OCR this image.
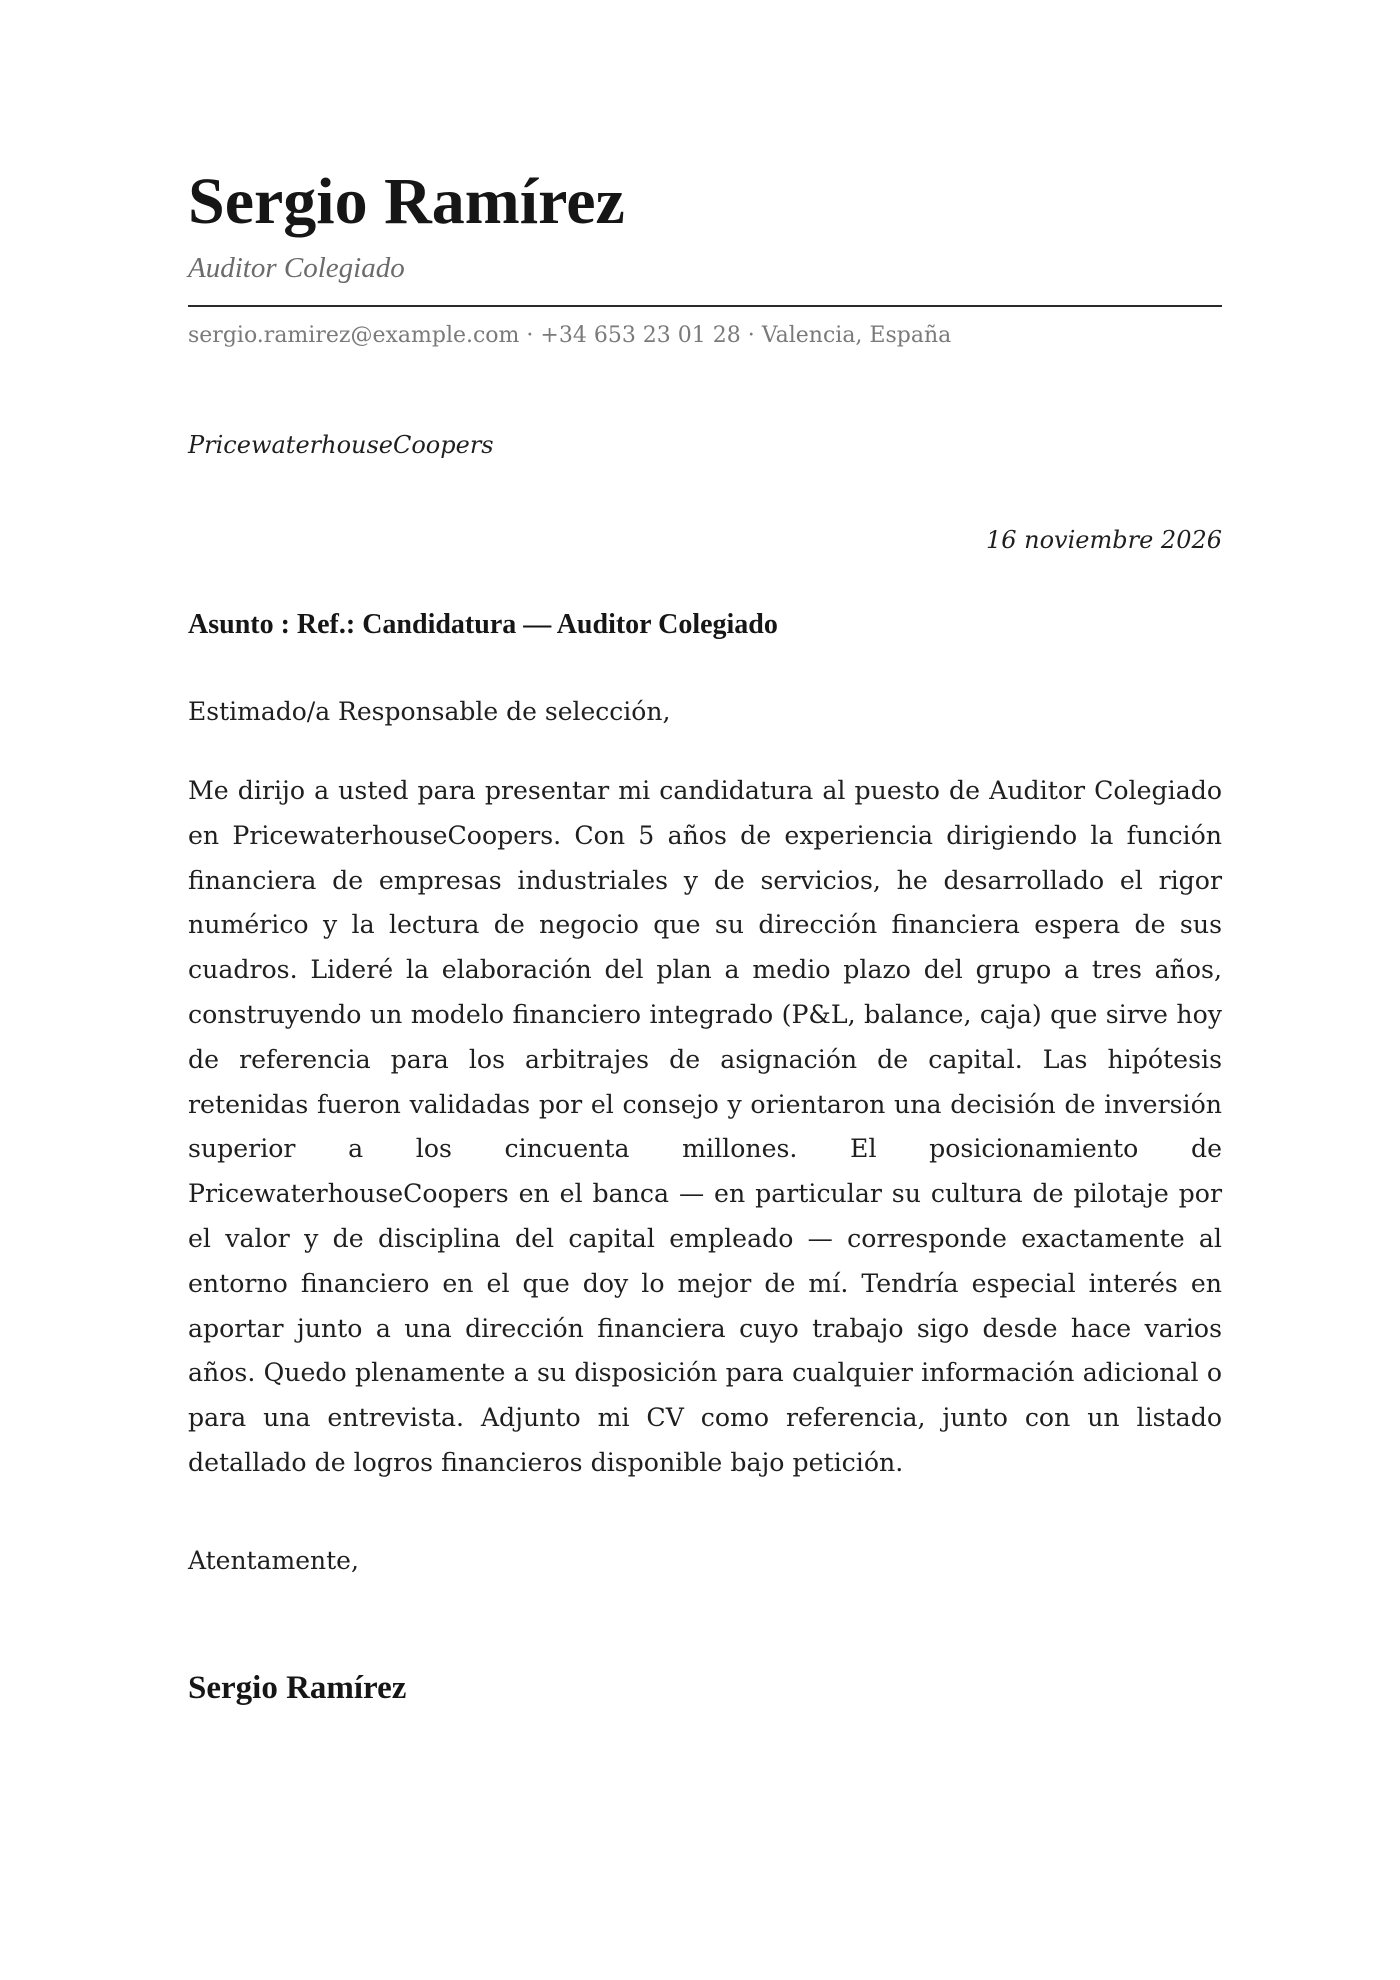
Sergio Ramírez
Auditor Colegiado
sergio.ramirez@example.com · +34 653 23 01 28 · Valencia, España
PricewaterhouseCoopers
16 noviembre 2026
Asunto : Ref.: Candidatura — Auditor Colegiado
Estimado/a Responsable de selección,

Me dirijo a usted para presentar mi candidatura al puesto de Auditor Colegiado en PricewaterhouseCoopers. Con 5 años de experiencia dirigiendo la función financiera de empresas industriales y de servicios, he desarrollado el rigor numérico y la lectura de negocio que su dirección financiera espera de sus cuadros. Lideré la elaboración del plan a medio plazo del grupo a tres años, construyendo un modelo financiero integrado (P&L, balance, caja) que sirve hoy de referencia para los arbitrajes de asignación de capital. Las hipótesis retenidas fueron validadas por el consejo y orientaron una decisión de inversión superior a los cincuenta millones. El posicionamiento de PricewaterhouseCoopers en el banca — en particular su cultura de pilotaje por el valor y de disciplina del capital empleado — corresponde exactamente al entorno financiero en el que doy lo mejor de mí. Tendría especial interés en aportar junto a una dirección financiera cuyo trabajo sigo desde hace varios años. Quedo plenamente a su disposición para cualquier información adicional o para una entrevista. Adjunto mi CV como referencia, junto con un listado detallado de logros financieros disponible bajo petición.

Atentamente,
Sergio Ramírez
